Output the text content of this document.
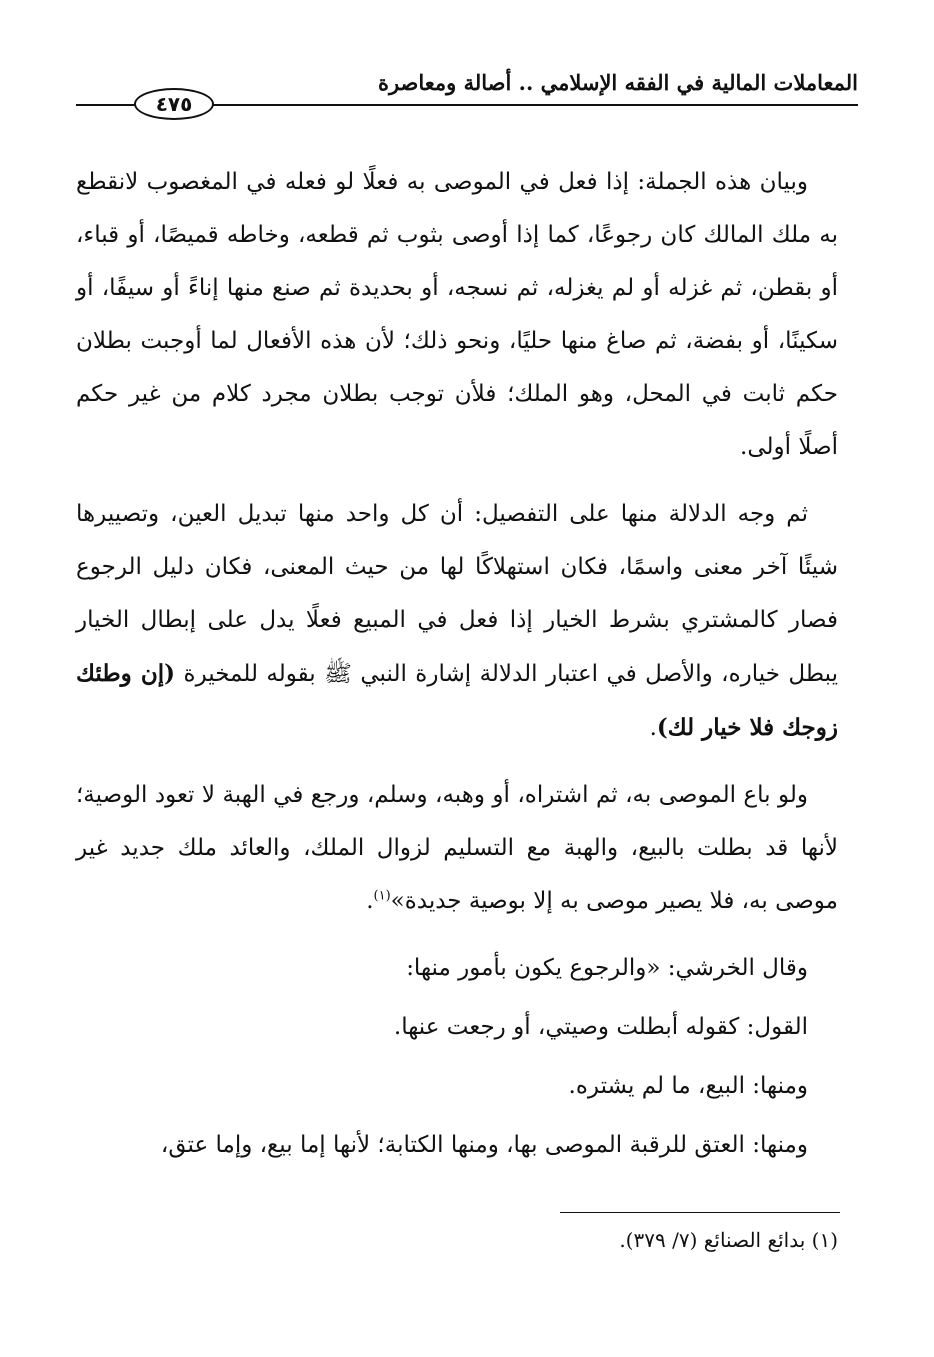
المعاملات المالية في الفقه الإسلامي .. أصالة ومعاصرة
٤٧٥

وبيان هذه الجملة: إذا فعل في الموصى به فعلًا لو فعله في المغصوب لانقطع به ملك المالك كان رجوعًا، كما إذا أوصى بثوب ثم قطعه، وخاطه قميصًا، أو قباء، أو بقطن، ثم غزله أو لم يغزله، ثم نسجه، أو بحديدة ثم صنع منها إناءً أو سيفًا، أو سكينًا، أو بفضة، ثم صاغ منها حليًا، ونحو ذلك؛ لأن هذه الأفعال لما أوجبت بطلان حكم ثابت في المحل، وهو الملك؛ فلأن توجب بطلان مجرد كلام من غير حكم أصلًا أولى.

ثم وجه الدلالة منها على التفصيل: أن كل واحد منها تبديل العين، وتصييرها شيئًا آخر معنى واسمًا، فكان استهلاكًا لها من حيث المعنى، فكان دليل الرجوع فصار كالمشتري بشرط الخيار إذا فعل في المبيع فعلًا يدل على إبطال الخيار يبطل خياره، والأصل في اعتبار الدلالة إشارة النبي ﷺ بقوله للمخيرة (إن وطئك زوجك فلا خيار لك).

ولو باع الموصى به، ثم اشتراه، أو وهبه، وسلم، ورجع في الهبة لا تعود الوصية؛ لأنها قد بطلت بالبيع، والهبة مع التسليم لزوال الملك، والعائد ملك جديد غير موصى به، فلا يصير موصى به إلا بوصية جديدة»$^{(١)}$.

وقال الخرشي: «والرجوع يكون بأمور منها:

القول: كقوله أبطلت وصيتي، أو رجعت عنها.

ومنها: البيع، ما لم يشتره.

ومنها: العتق للرقبة الموصى بها، ومنها الكتابة؛ لأنها إما بيع، وإما عتق،

(١) بدائع الصنائع (٧/ ٣٧٩).
